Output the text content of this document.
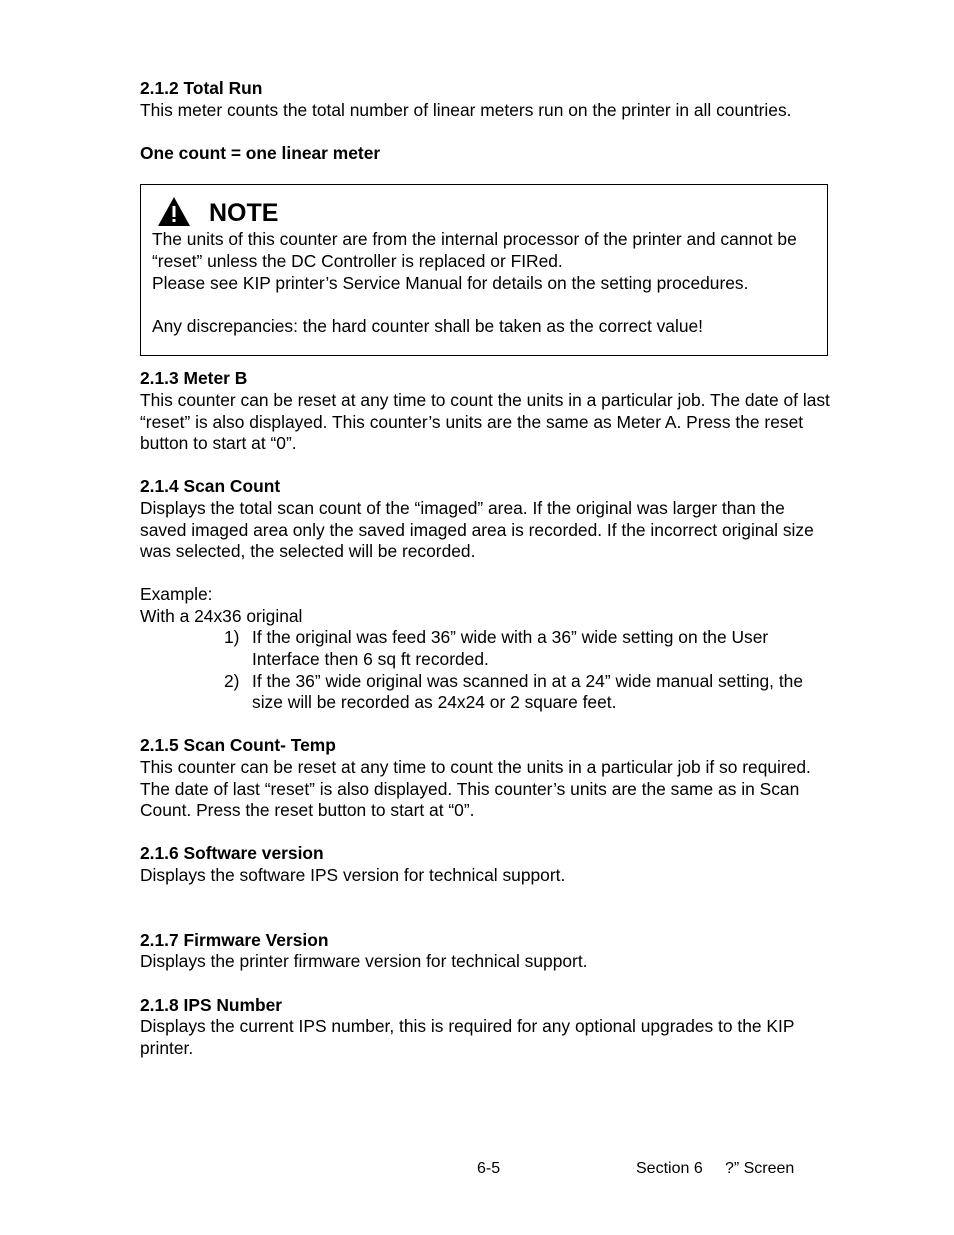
2.1.2 Total Run

This meter counts the total number of linear meters run on the printer in all countries.

One count = one linear meter

NOTE

The units of this counter are from the internal processor of the printer and cannot be “reset” unless the DC Controller is replaced or FIRed.

Please see KIP printer’s Service Manual for details on the setting procedures.

Any discrepancies: the hard counter shall be taken as the correct value!

2.1.3 Meter B

This counter can be reset at any time to count the units in a particular job. The date of last “reset” is also displayed. This counter’s units are the same as Meter A. Press the reset button to start at “0”.

2.1.4 Scan Count

Displays the total scan count of the “imaged” area. If the original was larger than the saved imaged area only the saved imaged area is recorded. If the incorrect original size was selected, the selected will be recorded.

Example:

With a 24x36 original

1) If the original was feed 36” wide with a 36” wide setting on the User Interface then 6 sq ft recorded.
2) If the 36” wide original was scanned in at a 24” wide manual setting, the size will be recorded as 24x24 or 2 square feet.
2.1.5 Scan Count- Temp

This counter can be reset at any time to count the units in a particular job if so required. The date of last “reset” is also displayed. This counter’s units are the same as in Scan Count. Press the reset button to start at “0”.

2.1.6 Software version

Displays the software IPS version for technical support.

2.1.7 Firmware Version

Displays the printer firmware version for technical support.

2.1.8 IPS Number

Displays the current IPS number, this is required for any optional upgrades to the KIP printer.

6-5	Section 6     ?” Screen
